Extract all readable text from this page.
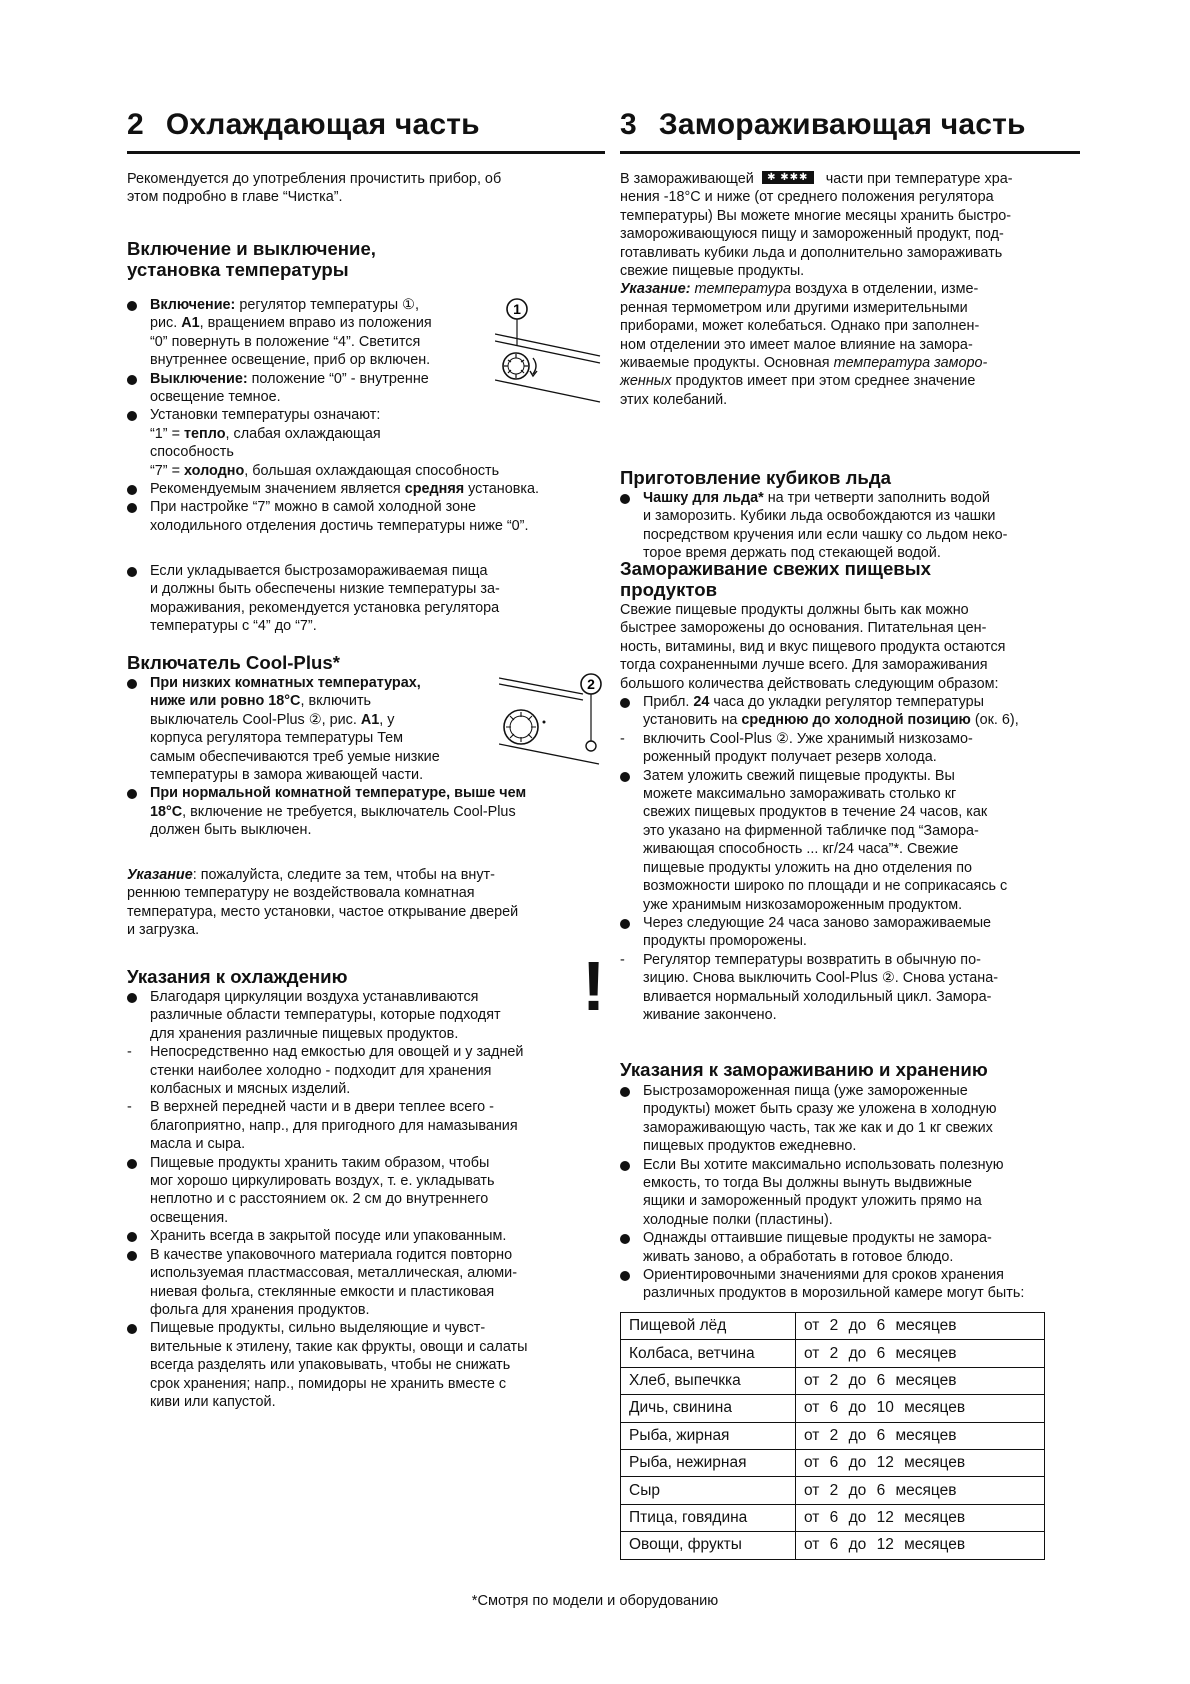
2 Охлаждающая часть
Рекомендуется до употребления прочистить прибор, об
этом подробно в главе “Чистка”.
Включение и выключение,
установка температуры
1
Включение: регулятор температуры ①,
рис. A1, вращением вправо из положения
“0” повернуть в положение “4”. Светится
внутреннее освещение, приб ор включен.
Выключение: положение “0” - внутренне
освещение темное.
Установки температуры означают:
“1” = тепло, слабая охлаждающая
способность
“7” = холодно, большая охлаждающая способность
Рекомендуемым значением является средняя установка.
При настройке “7” можно в самой холодной зоне
холодильного отделения достичь температуры ниже “0”.
Если укладывается быстрозамораживаемая пища
и должны быть обеспечены низкие температуры за-
мораживания, рекомендуется установка регулятора
температуры с “4” до “7”.
Включатель Cool-Plus*
2
При низких комнатных температурах,
ниже или ровно 18°C, включить
выключатель Cool-Plus ②, рис. A1, у
корпуса регулятора температуры Тем
самым обеспечиваются треб уемые низкие
температуры в замора живающей части.
При нормальной комнатной температуре, выше чем
18°C, включение не требуется, выключатель Cool-Plus
должен быть выключен.
Указание: пожалуйста, следите за тем, чтобы на внут-
реннюю температуру не воздействовала комнатная
температура, место установки, частое открывание дверей
и загрузка.
Указания к охлаждению	!
Благодаря циркуляции воздуха устанавливаются
различные области температуры, которые подходят
для хранения различные пищевых продуктов.
- Непосредственно над емкостью для овощей и у задней
стенки наиболее холодно - подходит для хранения
колбасных и мясных изделий.
- В верхней передней части и в двери теплее всего -
благоприятно, напр., для пригодного для намазывания
масла и сыра.
Пищевые продукты хранить таким образом, чтобы
мог хорошо циркулировать воздух, т. е. укладывать
неплотно и с расстоянием ок. 2 см до внутреннего
освещения.
Хранить всегда в закрытой посуде или упакованным.
В качестве упаковочного материала годится повторно
используемая пластмассовая, металлическая, алюми-
ниевая фольга, стеклянные емкости и пластиковая
фольга для хранения продуктов.
Пищевые продукты, сильно выделяющие и чувст-
вительные к этилену, такие как фрукты, овощи и салаты
всегда разделять или упаковывать, чтобы не снижать
срок хранения; напр., помидоры не хранить вместе с
киви или капустой.
3 Замораживающая часть
В замораживающей ✱ ✱✱✱ части при температуре хра-
нения -18°C и ниже (от среднего положения регулятора
температуры) Вы можете многие месяцы хранить быстро-
замороживающуюся пищу и замороженный продукт, под-
готавливать кубики льда и дополнительно замораживать
свежие пищевые продукты.
Указание: температура воздуха в отделении, изме-
ренная термометром или другими измерительными
приборами, может колебаться. Однако при заполнен-
ном отделении это имеет малое влияние на замора-
живаемые продукты. Основная температура заморо-
женных продуктов имеет при этом среднее значение
этих колебаний.
Приготовление кубиков льда
Чашку для льда* на три четверти заполнить водой
и заморозить. Кубики льда освобождаются из чашки
посредством кручения или если чашку со льдом неко-
торое время держать под стекающей водой.
Замораживание свежих пищевых
продуктов
Свежие пищевые продукты должны быть как можно
быстрее заморожены до основания. Питательная цен-
ность, витамины, вид и вкус пищевого продукта остаются
тогда сохраненными лучше всего. Для замораживания
большого количества действовать следующим образом:
Прибл. 24 часа до укладки регулятор температуры
установить на среднюю до холодной позицию (ок. 6),
- включить Cool-Plus ②. Уже хранимый низкозамо-
роженный продукт получает резерв холода.
Затем уложить свежий пищевые продукты. Вы
можете максимально замораживать столько кг
свежих пищевых продуктов в течение 24 часов, как
это указано на фирменной табличке под “Замора-
живающая способность ... кг/24 часа”*. Свежие
пищевые продукты уложить на дно отделения по
возможности широко по площади и не соприкасаясь с
уже хранимым низкозамороженным продуктом.
Через следующие 24 часа заново замораживаемые
продукты проморожены.
- Регулятор температуры возвратить в обычную по-
зицию. Снова выключить Cool-Plus ②. Снова устана-
вливается нормальный холодильный цикл. Замора-
живание закончено.
Указания к замораживанию и хранению
Быстрозамороженная пища (уже замороженные
продукты) может быть сразу же уложена в холодную
замораживающую часть, так же как и до 1 кг свежих
пищевых продуктов ежедневно.
Если Вы хотите максимально использовать полезную
емкость, то тогда Вы должны вынуть выдвижные
ящики и замороженный продукт уложить прямо на
холодные полки (пластины).
Однажды оттаившие пищевые продукты не замора-
живать заново, а обработать в готовое блюдо.
Ориентировочными значениями для сроков хранения
различных продуктов в морозильной камере могут быть:
Пищевой лёд	от 2 до 6 месяцев
Колбаса, ветчина	от 2 до 6 месяцев
Хлеб, выпечкка	от 2 до 6 месяцев
Дичь, свинина	от 6 до 10 месяцев
Рыба, жирная	от 2 до 6 месяцев
Рыба, нежирная	от 6 до 12 месяцев
Сыр	от 2 до 6 месяцев
Птица, говядина	от 6 до 12 месяцев
Овощи, фрукты	от 6 до 12 месяцев
*Смотря по модели и оборудованию
